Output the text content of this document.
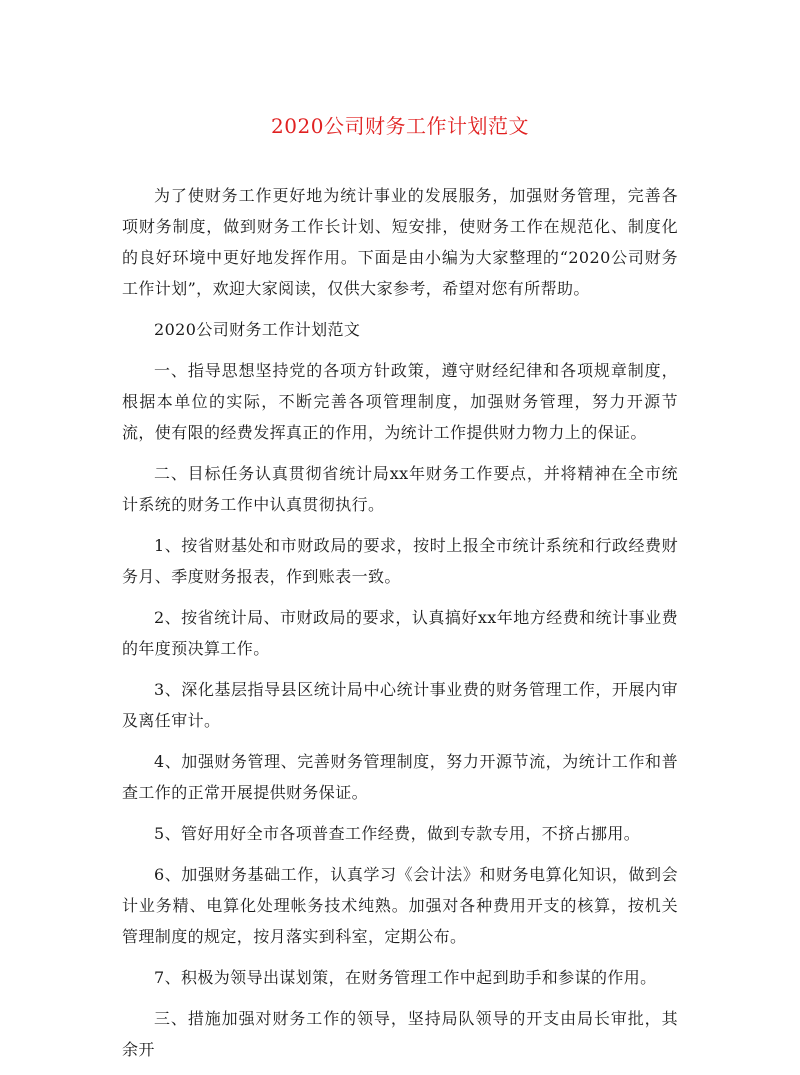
2020公司财务工作计划范文

为了使财务工作更好地为统计事业的发展服务，加强财务管理，完善各项财务制度，做到财务工作长计划、短安排，使财务工作在规范化、制度化的良好环境中更好地发挥作用。下面是由小编为大家整理的“2020公司财务工作计划”，欢迎大家阅读，仅供大家参考，希望对您有所帮助。

2020公司财务工作计划范文

一、指导思想坚持党的各项方针政策，遵守财经纪律和各项规章制度，根据本单位的实际，不断完善各项管理制度，加强财务管理，努力开源节流，使有限的经费发挥真正的作用，为统计工作提供财力物力上的保证。

二、目标任务认真贯彻省统计局xx年财务工作要点，并将精神在全市统计系统的财务工作中认真贯彻执行。

1、按省财基处和市财政局的要求，按时上报全市统计系统和行政经费财务月、季度财务报表，作到账表一致。

2、按省统计局、市财政局的要求，认真搞好xx年地方经费和统计事业费的年度预决算工作。

3、深化基层指导县区统计局中心统计事业费的财务管理工作，开展内审及离任审计。

4、加强财务管理、完善财务管理制度，努力开源节流，为统计工作和普查工作的正常开展提供财务保证。

5、管好用好全市各项普查工作经费，做到专款专用，不挤占挪用。

6、加强财务基础工作，认真学习《会计法》和财务电算化知识，做到会计业务精、电算化处理帐务技术纯熟。加强对各种费用开支的核算，按机关管理制度的规定，按月落实到科室，定期公布。

7、积极为领导出谋划策，在财务管理工作中起到助手和参谋的作用。

三、措施加强对财务工作的领导，坚持局队领导的开支由局长审批，其余开
